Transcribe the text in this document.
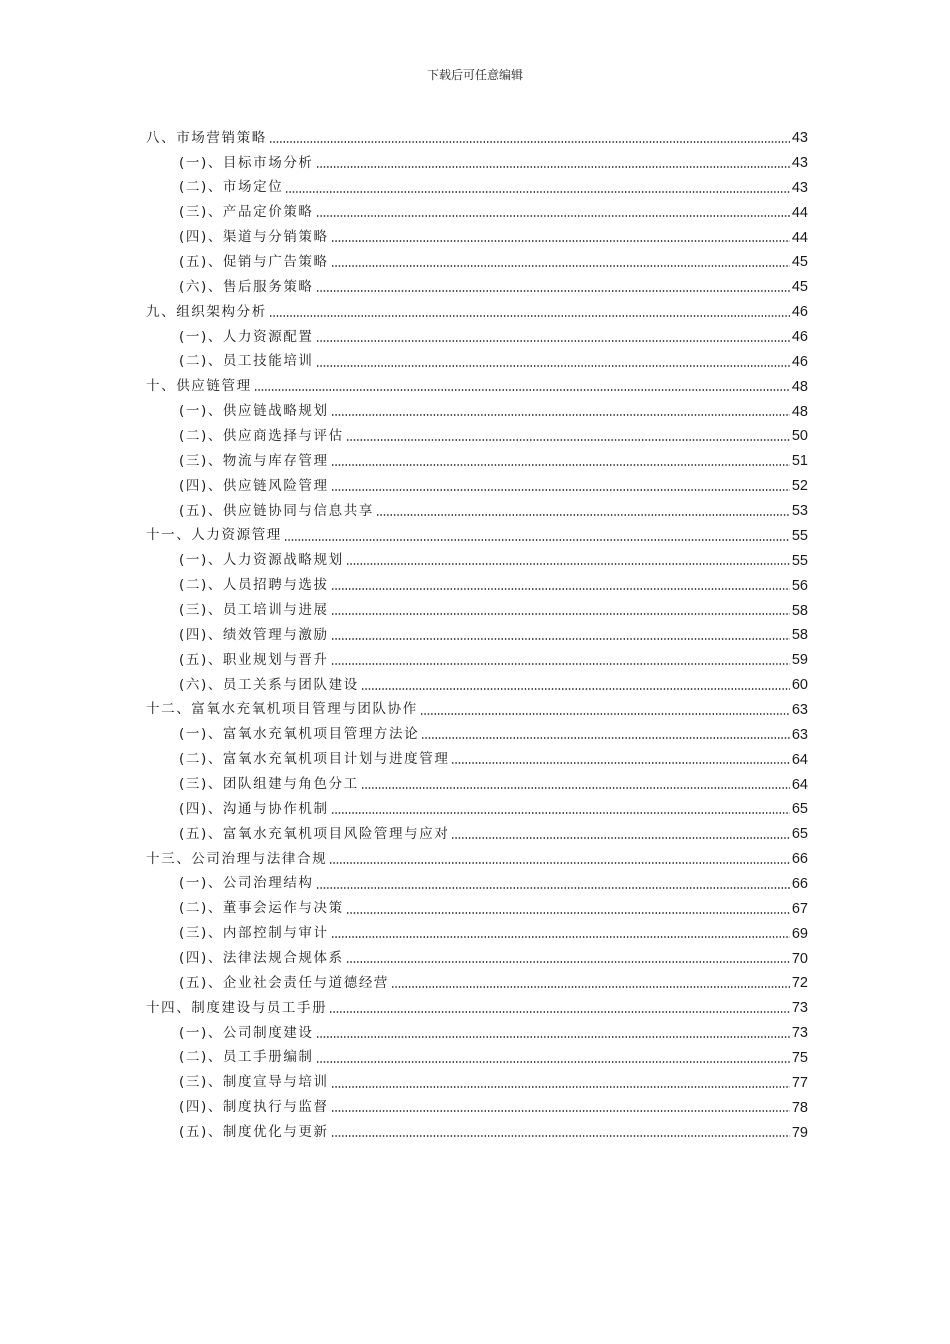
下载后可任意编辑
八、市场营销策略	43
(一)、目标市场分析	43
(二)、市场定位	43
(三)、产品定价策略	44
(四)、渠道与分销策略	44
(五)、促销与广告策略	45
(六)、售后服务策略	45
九、组织架构分析	46
(一)、人力资源配置	46
(二)、员工技能培训	46
十、供应链管理	48
(一)、供应链战略规划	48
(二)、供应商选择与评估	50
(三)、物流与库存管理	51
(四)、供应链风险管理	52
(五)、供应链协同与信息共享	53
十一、人力资源管理	55
(一)、人力资源战略规划	55
(二)、人员招聘与选拔	56
(三)、员工培训与进展	58
(四)、绩效管理与激励	58
(五)、职业规划与晋升	59
(六)、员工关系与团队建设	60
十二、富氧水充氧机项目管理与团队协作	63
(一)、富氧水充氧机项目管理方法论	63
(二)、富氧水充氧机项目计划与进度管理	64
(三)、团队组建与角色分工	64
(四)、沟通与协作机制	65
(五)、富氧水充氧机项目风险管理与应对	65
十三、公司治理与法律合规	66
(一)、公司治理结构	66
(二)、董事会运作与决策	67
(三)、内部控制与审计	69
(四)、法律法规合规体系	70
(五)、企业社会责任与道德经营	72
十四、制度建设与员工手册	73
(一)、公司制度建设	73
(二)、员工手册编制	75
(三)、制度宣导与培训	77
(四)、制度执行与监督	78
(五)、制度优化与更新	79
